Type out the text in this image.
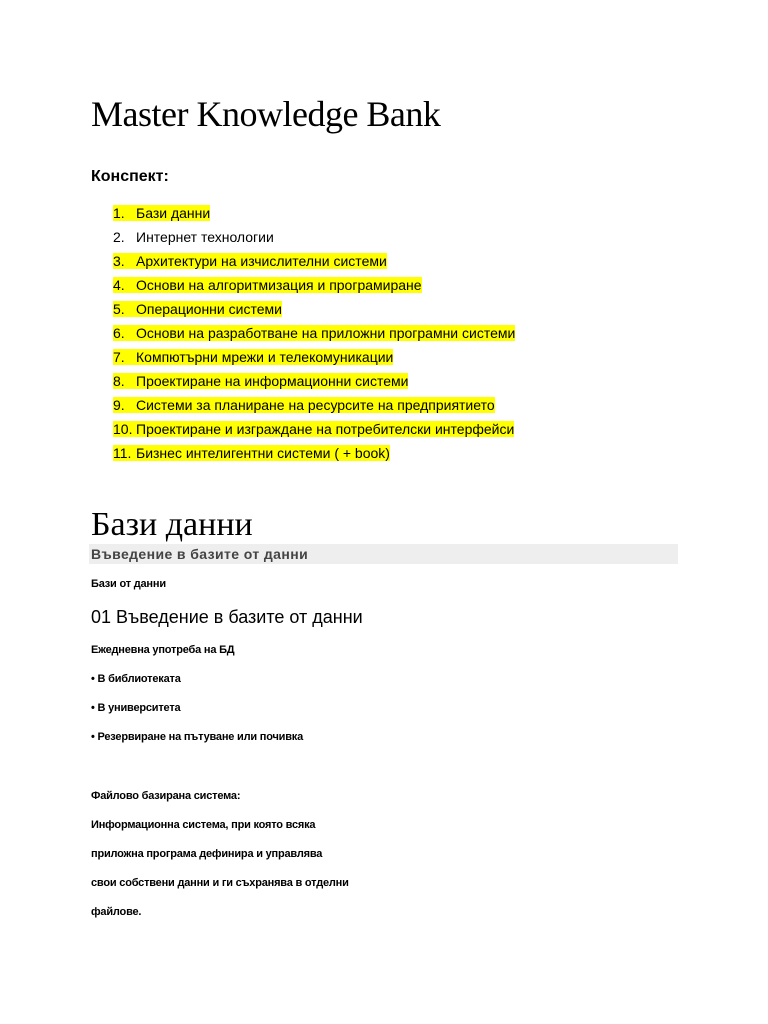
Master Knowledge Bank
Конспект:
1. Бази данни
2. Интернет технологии
3. Архитектури на изчислителни системи
4. Основи на алгоритмизация и програмиране
5. Операционни системи
6. Основи на разработване на приложни програмни системи
7. Компютърни мрежи и телекомуникации
8. Проектиране на информационни системи
9. Системи за планиране на ресурсите на предприятието
10. Проектиране и изграждане на потребителски интерфейси
11. Бизнес интелигентни системи ( + book)
Бази данни
Въведение в базите от данни
Бази от данни
01 Въведение в базите от данни
Ежедневна употреба на БД
• В библиотеката
• В университета
• Резервиране на пътуване или почивка
Файлово базирана система:
Информационна система, при която всяка
приложна програма дефинира и управлява
свои собствени данни и ги съхранява в отделни
файлове.
